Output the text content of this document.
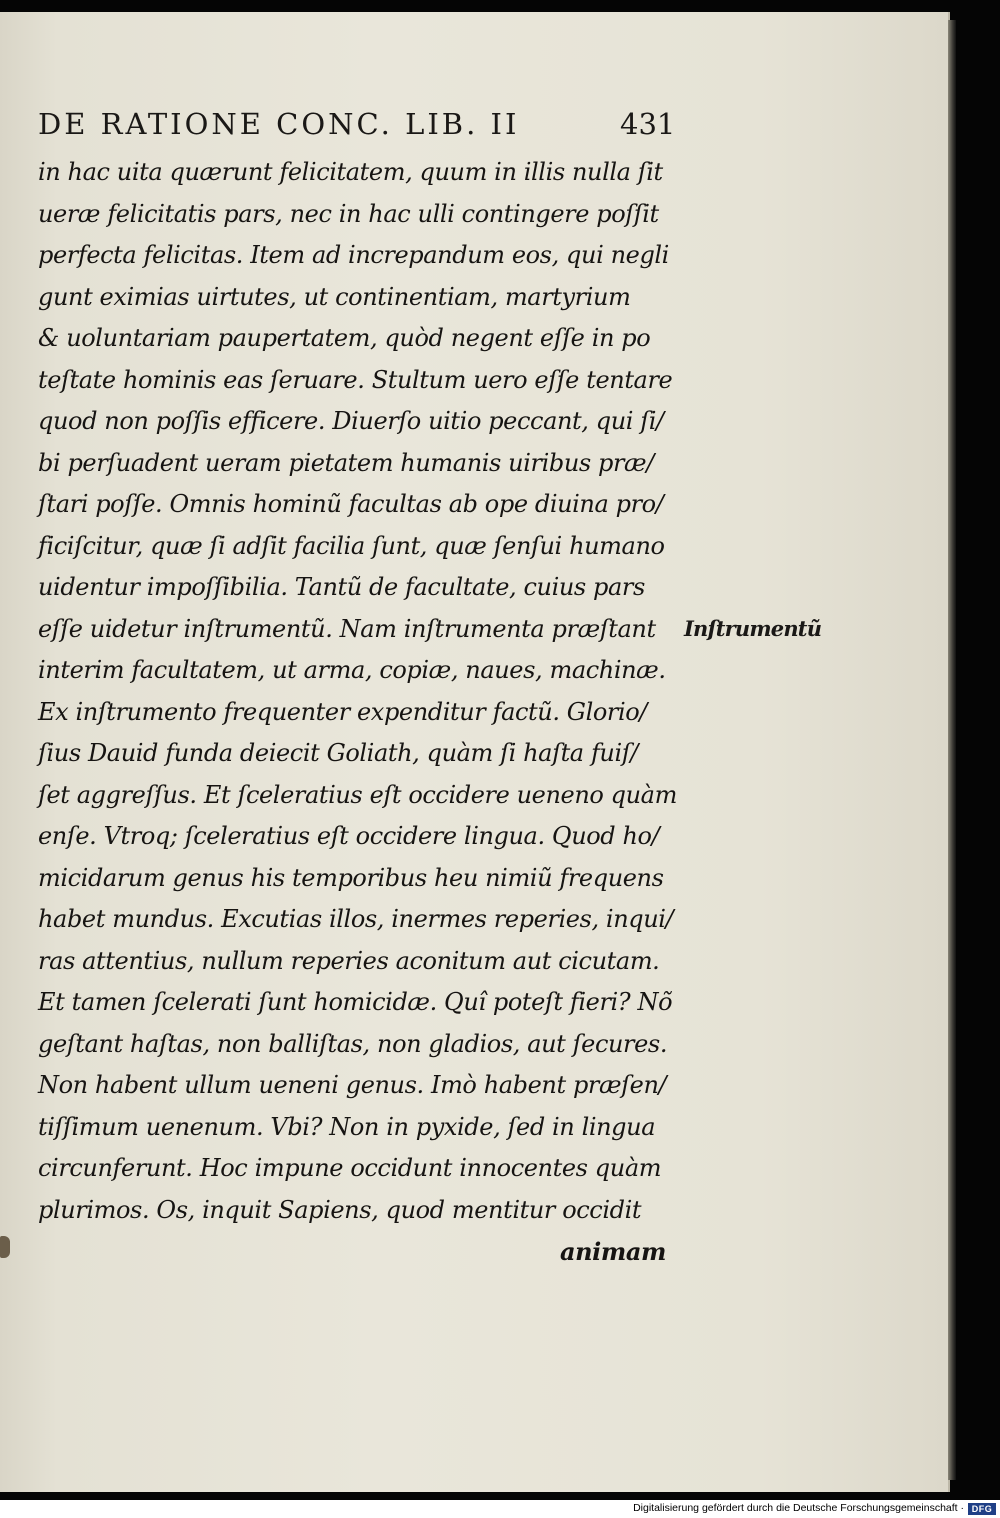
DE RATIONE CONC. LIB. II	431
in hac uita quærunt felicitatem, quum in illis nulla ſit
ueræ felicitatis pars, nec in hac ulli contingere poſſit
perfecta felicitas. Item ad increpandum eos, qui negli
gunt eximias uirtutes, ut continentiam, martyrium
& uoluntariam paupertatem, quòd negent eſſe in po
teſtate hominis eas ſeruare. Stultum uero eſſe tentare
quod non poſſis efficere. Diuerſo uitio peccant, qui ſi/
bi perſuadent ueram pietatem humanis uiribus præ/
ſtari poſſe. Omnis hominũ facultas ab ope diuina pro/
ficiſcitur, quæ ſi adſit facilia ſunt, quæ ſenſui humano
uidentur impoſſibilia. Tantũ de facultate, cuius pars
eſſe uidetur inſtrumentũ. Nam inſtrumenta præſtant
interim facultatem, ut arma, copiæ, naues, machinæ.
Ex inſtrumento frequenter expenditur factũ. Glorio/
ſius Dauid funda deiecit Goliath, quàm ſi haſta fuiſ/
ſet aggreſſus. Et ſceleratius eſt occidere ueneno quàm
enſe. Vtroq; ſceleratius eſt occidere lingua. Quod ho/
micidarum genus his temporibus heu nimiũ frequens
habet mundus. Excutias illos, inermes reperies, inqui/
ras attentius, nullum reperies aconitum aut cicutam.
Et tamen ſcelerati ſunt homicidæ. Quî poteſt fieri? Nõ
geſtant haſtas, non balliſtas, non gladios, aut ſecures.
Non habent ullum ueneni genus. Imò habent præſen/
tiſſimum uenenum. Vbi? Non in pyxide, ſed in lingua
circunferunt. Hoc impune occidunt innocentes quàm
plurimos. Os, inquit Sapiens, quod mentitur occidit
animam
Inſtrumentũ
Digitalisierung gefördert durch die Deutsche Forschungsgemeinschaft · DFG
